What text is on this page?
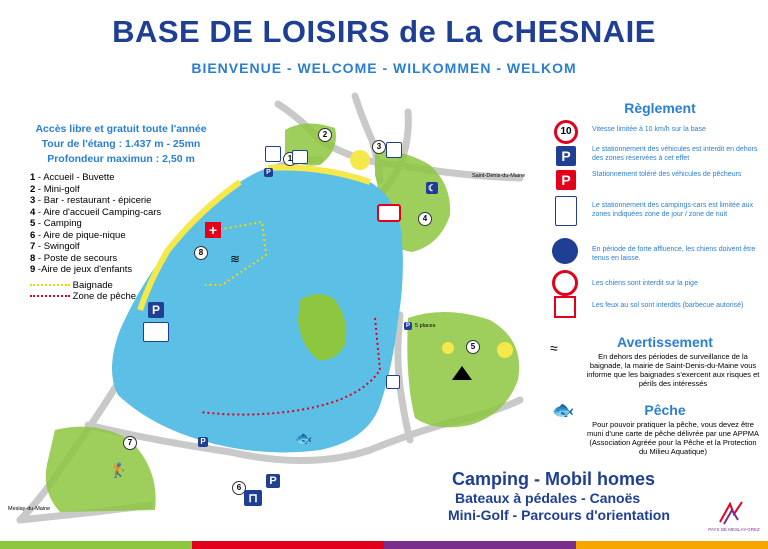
BASE DE LOISIRS de La CHESNAIE
BIENVENUE - WELCOME - WILKOMMEN - WELKOM
Accès libre et gratuit toute l'année
Tour de l'étang : 1.437 m - 25mn
Profondeur maximun : 2,50 m
1 - Accueil - Buvette
2 - Mini-golf
3 - Bar - restaurant - épicerie
4 - Aire d'accueil Camping-cars
5 - Camping
6 - Aire de pique-nique
7 - Swingolf
8 - Poste de secours
9 -Aire de jeux d'enfants
Baignade
Zone de pêche
2
1
3
4
5
6
7
8
P
+
P
☾
P 5 places
P
P
⊓
🏌
≋
🐟
Saint-Denis-du-Maine
Meslay-du-Maine
Règlement
10	Vitesse limitée à 10 km/h sur la base
P	Le stationnement des véhicules est interdit en dehors des zones réservées à cet effet
P	Stationnement toléré des véhicules de pêcheurs
Le stationnement des campings-cars est limitée aux zones indiquées zone de jour / zone de nuit
En période de forte affluence, les chiens doivent être tenus en laisse.
Les chiens sont interdit sur la pige
Les feux au sol sont interdits (barbecue autorisé)
Avertissement
≈
En dehors des périodes de surveillance de la baignade, la mairie de Saint-Denis-du-Maine vous informe que les baignades s'exercent aux risques et périls des intéressés
Pêche
🐟
Pour pouvoir pratiquer la pêche, vous devez être muni d'une carte de pêche délivrée par une APPMA (Association Agréée pour la Pêche et la Protection du Milieu Aquatique)
Camping - Mobil homes
Bateaux à pédales - Canoës
Mini-Golf - Parcours d'orientation
PAYS DE MESLAY-GREZ
